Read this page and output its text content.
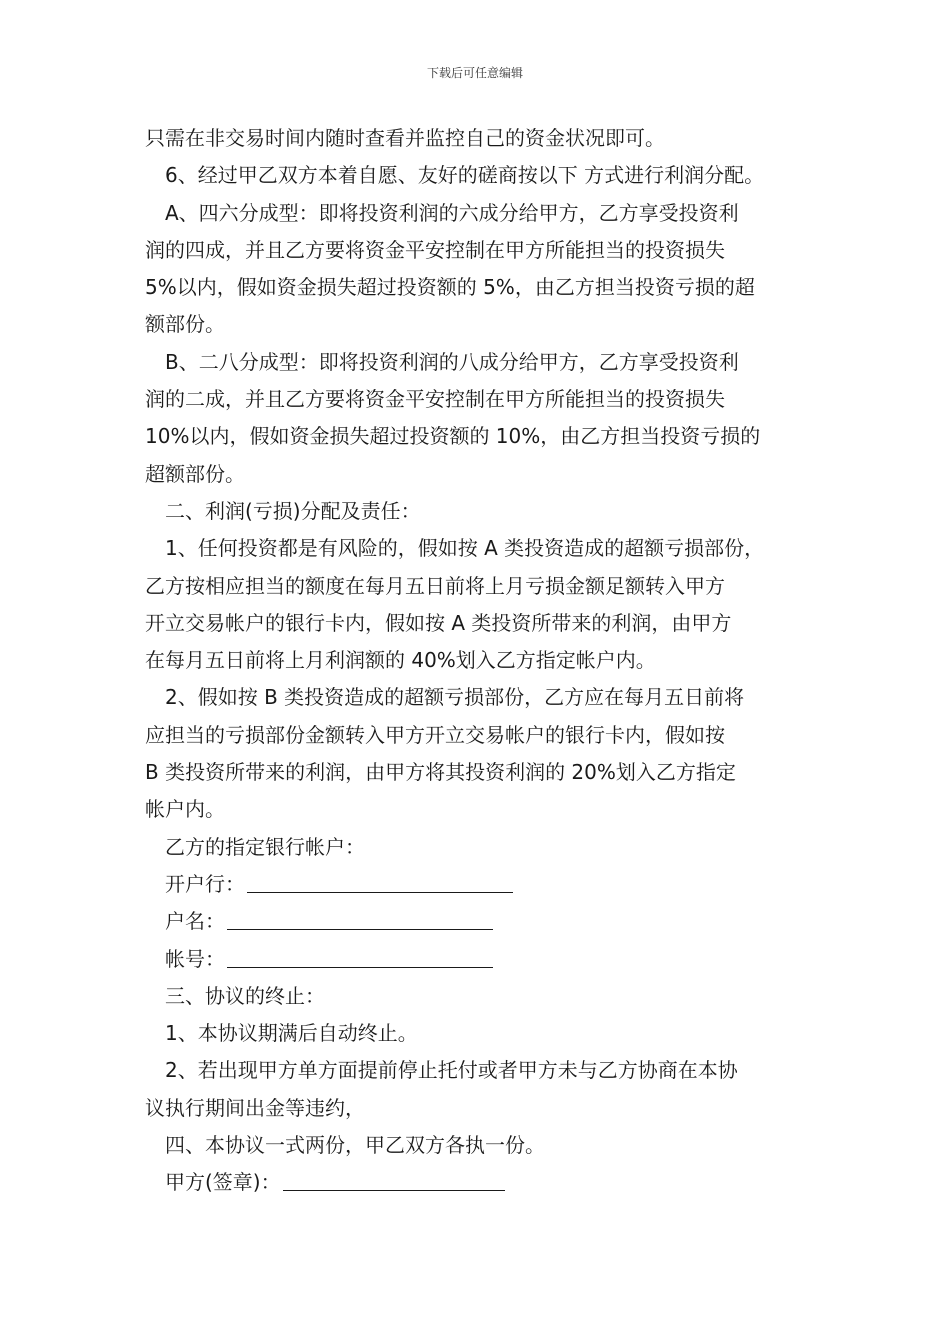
下载后可任意编辑
只需在非交易时间内随时查看并监控自己的资金状况即可。
6、经过甲乙双方本着自愿、友好的磋商按以下 方式进行利润分配。
A、四六分成型：即将投资利润的六成分给甲方，乙方享受投资利
润的四成，并且乙方要将资金平安控制在甲方所能担当的投资损失
5%以内，假如资金损失超过投资额的 5%，由乙方担当投资亏损的超
额部份。
B、二八分成型：即将投资利润的八成分给甲方，乙方享受投资利
润的二成，并且乙方要将资金平安控制在甲方所能担当的投资损失
10%以内，假如资金损失超过投资额的 10%，由乙方担当投资亏损的
超额部份。
二、利润(亏损)分配及责任：
1、任何投资都是有风险的，假如按 A 类投资造成的超额亏损部份，
乙方按相应担当的额度在每月五日前将上月亏损金额足额转入甲方
开立交易帐户的银行卡内，假如按 A 类投资所带来的利润，由甲方
在每月五日前将上月利润额的 40%划入乙方指定帐户内。
2、假如按 B 类投资造成的超额亏损部份，乙方应在每月五日前将
应担当的亏损部份金额转入甲方开立交易帐户的银行卡内，假如按
B 类投资所带来的利润，由甲方将其投资利润的 20%划入乙方指定
帐户内。
乙方的指定银行帐户：
开户行：
户名：
帐号：
三、协议的终止：
1、本协议期满后自动终止。
2、若出现甲方单方面提前停止托付或者甲方未与乙方协商在本协
议执行期间出金等违约，
四、本协议一式两份，甲乙双方各执一份。
甲方(签章)：
